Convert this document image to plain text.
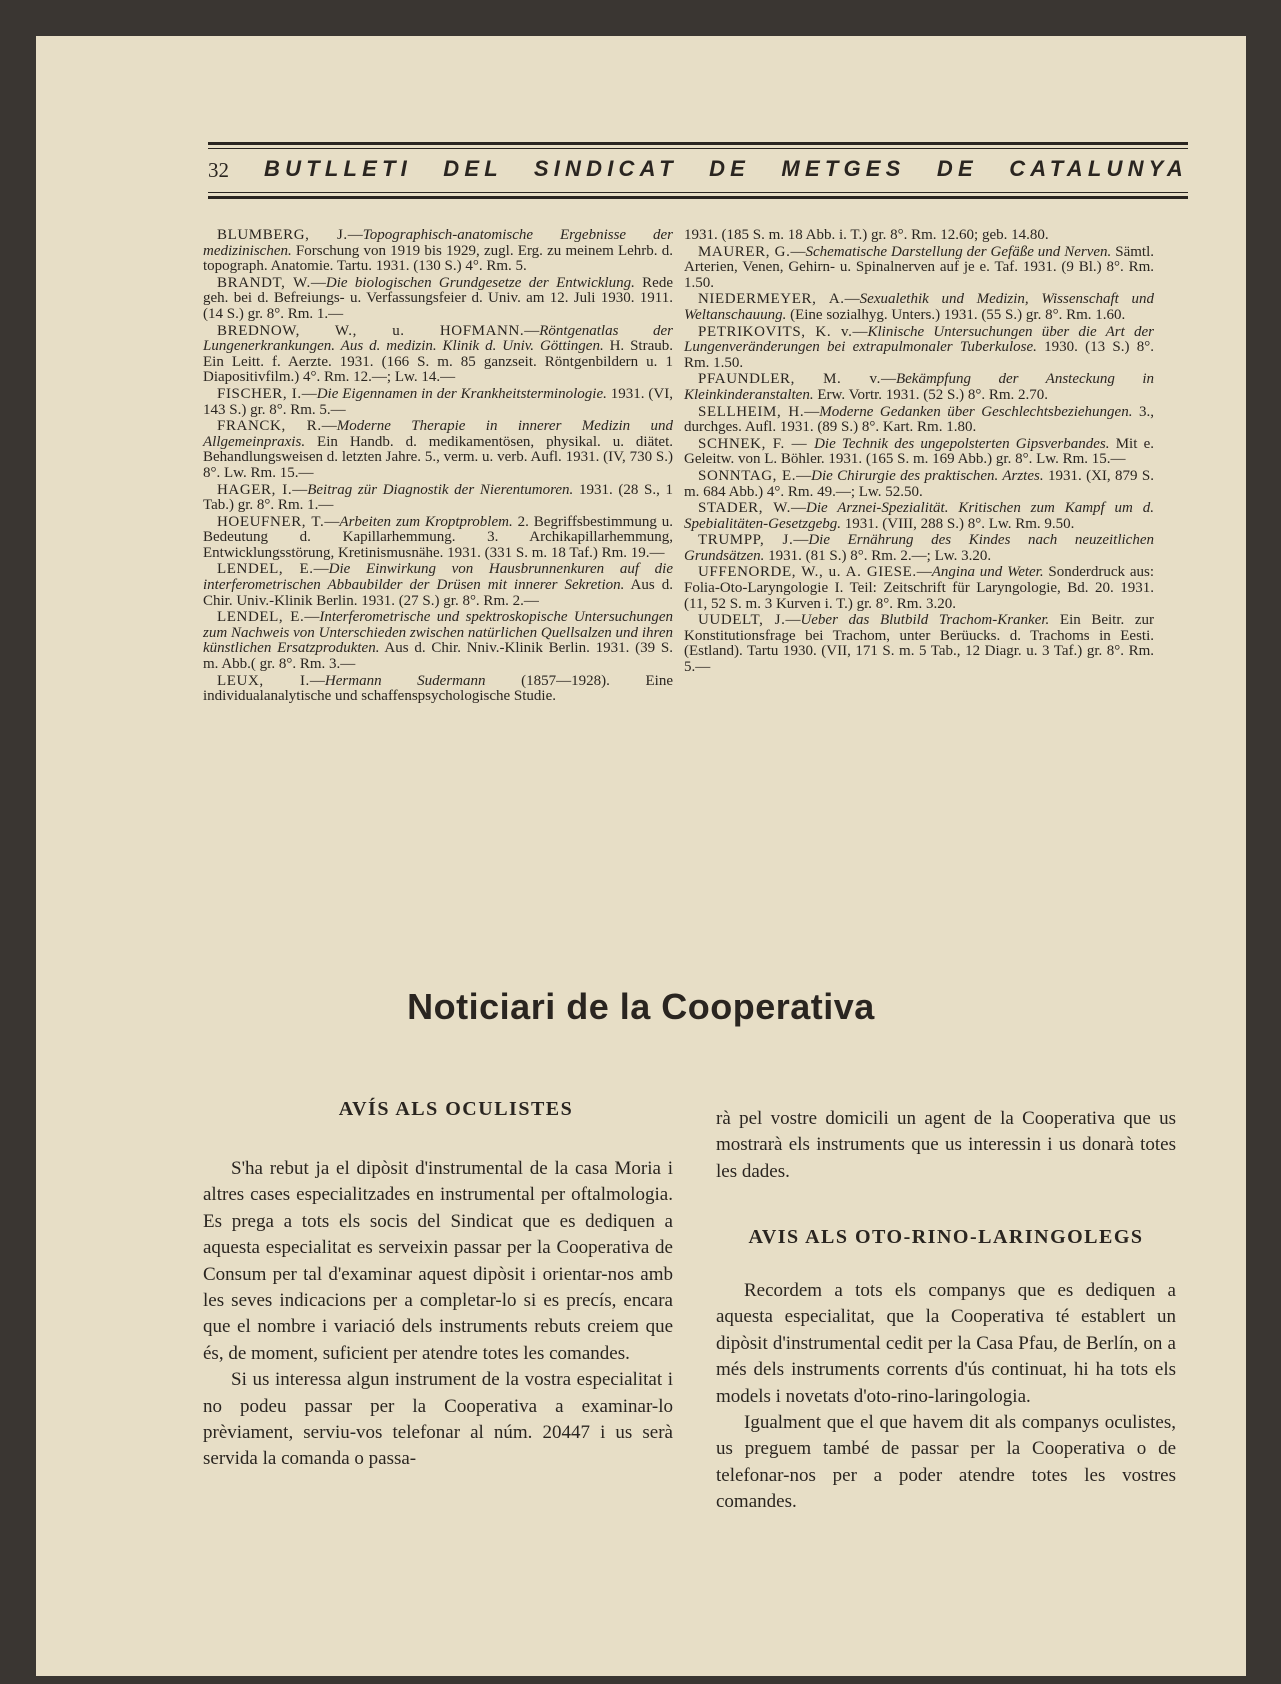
32 BUTLLETI DEL SINDICAT DE METGES DE CATALUNYA

BLUMBERG, J.—Topographisch-anatomische Ergebnisse der medizinischen. Forschung von 1919 bis 1929, zugl. Erg. zu meinem Lehrb. d. topograph. Anatomie. Tartu. 1931. (130 S.) 4°. Rm. 5.

BRANDT, W.—Die biologischen Grundgesetze der Entwicklung. Rede geh. bei d. Befreiungs- u. Verfassungsfeier d. Univ. am 12. Juli 1930. 1911. (14 S.) gr. 8°. Rm. 1.—

BREDNOW, W., u. HOFMANN.—Röntgenatlas der Lungenerkrankungen. Aus d. medizin. Klinik d. Univ. Göttingen. H. Straub. Ein Leitt. f. Aerzte. 1931. (166 S. m. 85 ganzseit. Röntgenbildern u. 1 Diapositivfilm.) 4°. Rm. 12.—; Lw. 14.—

FISCHER, I.—Die Eigennamen in der Krankheitsterminologie. 1931. (VI, 143 S.) gr. 8°. Rm. 5.—

FRANCK, R.—Moderne Therapie in innerer Medizin und Allgemeinpraxis. Ein Handb. d. medikamentösen, physikal. u. diätet. Behandlungsweisen d. letzten Jahre. 5., verm. u. verb. Aufl. 1931. (IV, 730 S.) 8°. Lw. Rm. 15.—

HAGER, I.—Beitrag zür Diagnostik der Nierentumoren. 1931. (28 S., 1 Tab.) gr. 8°. Rm. 1.—

HOEUFNER, T.—Arbeiten zum Kroptproblem. 2. Begriffsbestimmung u. Bedeutung d. Kapillarhemmung. 3. Archikapillarhemmung, Entwicklungsstörung, Kretinismusnähe. 1931. (331 S. m. 18 Taf.) Rm. 19.—

LENDEL, E.—Die Einwirkung von Hausbrunnenkuren auf die interferometrischen Abbaubilder der Drüsen mit innerer Sekretion. Aus d. Chir. Univ.-Klinik Berlin. 1931. (27 S.) gr. 8°. Rm. 2.—

LENDEL, E.—Interferometrische und spektroskopische Untersuchungen zum Nachweis von Unterschieden zwischen natürlichen Quellsalzen und ihren künstlichen Ersatzprodukten. Aus d. Chir. Nniv.-Klinik Berlin. 1931. (39 S. m. Abb.( gr. 8°. Rm. 3.—

LEUX, I.—Hermann Sudermann (1857—1928). Eine individualanalytische und schaffenspsychologische Studie.

1931. (185 S. m. 18 Abb. i. T.) gr. 8°. Rm. 12.60; geb. 14.80.

MAURER, G.—Schematische Darstellung der Gefäße und Nerven. Sämtl. Arterien, Venen, Gehirn- u. Spinalnerven auf je e. Taf. 1931. (9 Bl.) 8°. Rm. 1.50.

NIEDERMEYER, A.—Sexualethik und Medizin, Wissenschaft und Weltanschauung. (Eine sozialhyg. Unters.) 1931. (55 S.) gr. 8°. Rm. 1.60.

PETRIKOVITS, K. v.—Klinische Untersuchungen über die Art der Lungenveränderungen bei extrapulmonaler Tuberkulose. 1930. (13 S.) 8°. Rm. 1.50.

PFAUNDLER, M. v.—Bekämpfung der Ansteckung in Kleinkinderanstalten. Erw. Vortr. 1931. (52 S.) 8°. Rm. 2.70.

SELLHEIM, H.—Moderne Gedanken über Geschlechtsbeziehungen. 3., durchges. Aufl. 1931. (89 S.) 8°. Kart. Rm. 1.80.

SCHNEK, F. — Die Technik des ungepolsterten Gipsverbandes. Mit e. Geleitw. von L. Böhler. 1931. (165 S. m. 169 Abb.) gr. 8°. Lw. Rm. 15.—

SONNTAG, E.—Die Chirurgie des praktischen. Arztes. 1931. (XI, 879 S. m. 684 Abb.) 4°. Rm. 49.—; Lw. 52.50.

STADER, W.—Die Arznei-Spezialität. Kritischen zum Kampf um d. Spebialitäten-Gesetzgebg. 1931. (VIII, 288 S.) 8°. Lw. Rm. 9.50.

TRUMPP, J.—Die Ernährung des Kindes nach neuzeitlichen Grundsätzen. 1931. (81 S.) 8°. Rm. 2.—; Lw. 3.20.

UFFENORDE, W., u. A. GIESE.—Angina und Weter. Sonderdruck aus: Folia-Oto-Laryngologie I. Teil: Zeitschrift für Laryngologie, Bd. 20. 1931. (11, 52 S. m. 3 Kurven i. T.) gr. 8°. Rm. 3.20.

UUDELT, J.—Ueber das Blutbild Trachom-Kranker. Ein Beitr. zur Konstitutionsfrage bei Trachom, unter Berüucks. d. Trachoms in Eesti. (Estland). Tartu 1930. (VII, 171 S. m. 5 Tab., 12 Diagr. u. 3 Taf.) gr. 8°. Rm. 5.—

Noticiari de la Cooperativa
AVÍS ALS OCULISTES

S'ha rebut ja el dipòsit d'instrumental de la casa Moria i altres cases especialitzades en instrumental per oftalmologia. Es prega a tots els socis del Sindicat que es dediquen a aquesta especialitat es serveixin passar per la Cooperativa de Consum per tal d'examinar aquest dipòsit i orientar-nos amb les seves indicacions per a completar-lo si es precís, encara que el nombre i variació dels instruments rebuts creiem que és, de moment, suficient per atendre totes les comandes.

Si us interessa algun instrument de la vostra especialitat i no podeu passar per la Cooperativa a examinar-lo prèviament, serviu-vos telefonar al núm. 20447 i us serà servida la comanda o passa-

rà pel vostre domicili un agent de la Cooperativa que us mostrarà els instruments que us interessin i us donarà totes les dades.

AVIS ALS OTO-RINO-LARINGOLEGS

Recordem a tots els companys que es dediquen a aquesta especialitat, que la Cooperativa té establert un dipòsit d'instrumental cedit per la Casa Pfau, de Berlín, on a més dels instruments corrents d'ús continuat, hi ha tots els models i novetats d'oto-rino-laringologia.

Igualment que el que havem dit als companys oculistes, us preguem també de passar per la Cooperativa o de telefonar-nos per a poder atendre totes les vostres comandes.
